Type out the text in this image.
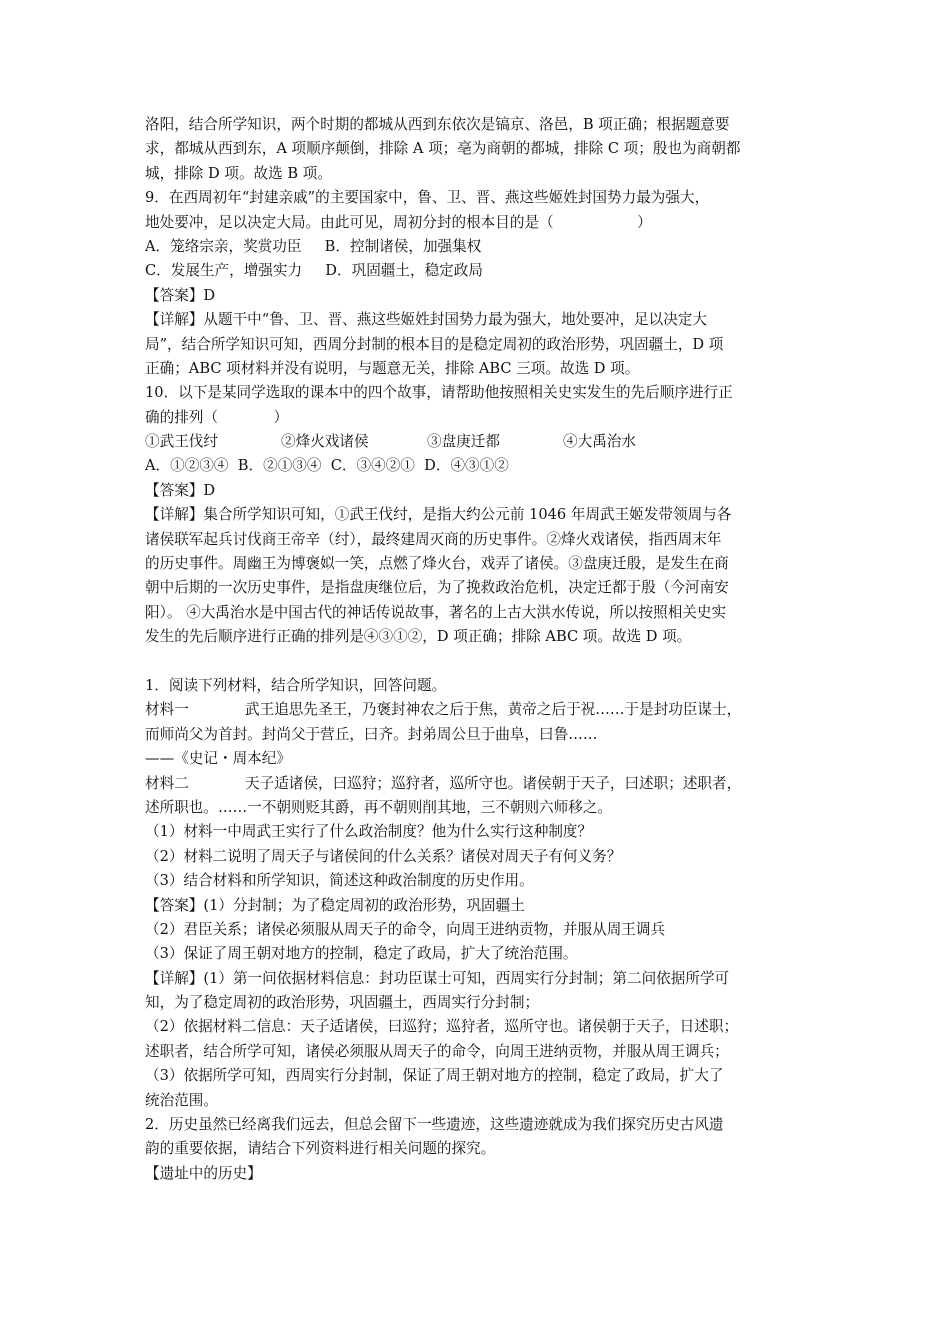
洛阳，结合所学知识，两个时期的都城从西到东依次是镐京、洛邑，B 项正确；根据题意要
求，都城从西到东，A 项顺序颠倒，排除 A 项；亳为商朝的都城，排除 C 项；殷也为商朝都
城，排除 D 项。故选 B 项。
9．在西周初年“封建亲戚”的主要国家中，鲁、卫、晋、燕这些姬姓封国势力最为强大，
地处要冲，足以决定大局。由此可见，周初分封的根本目的是（                  ）
A．笼络宗亲，奖赏功臣     B．控制诸侯，加强集权
C．发展生产，增强实力     D．巩固疆土，稳定政局
【答案】D
【详解】从题干中“鲁、卫、晋、燕这些姬姓封国势力最为强大，地处要冲，足以决定大
局”，结合所学知识可知，西周分封制的根本目的是稳定周初的政治形势，巩固疆土，D 项
正确；ABC 项材料并没有说明，与题意无关，排除 ABC 三项。故选 D 项。
10．以下是某同学选取的课本中的四个故事，请帮助他按照相关史实发生的先后顺序进行正
确的排列（            ）
①武王伐纣	②烽火戏诸侯	③盘庚迁都	④大禹治水
A．①②③④  B．②①③④  C．③④②①  D．④③①②
【答案】D
【详解】集合所学知识可知，①武王伐纣，是指大约公元前 1046 年周武王姬发带领周与各
诸侯联军起兵讨伐商王帝辛（纣），最终建周灭商的历史事件。②烽火戏诸侯，指西周末年
的历史事件。周幽王为博褒姒一笑，点燃了烽火台，戏弄了诸侯。③盘庚迁殷，是发生在商
朝中后期的一次历史事件，是指盘庚继位后，为了挽救政治危机，决定迁都于殷（今河南安
阳）。 ④大禹治水是中国古代的神话传说故事，著名的上古大洪水传说，所以按照相关史实
发生的先后顺序进行正确的排列是④③①②，D 项正确；排除 ABC 项。故选 D 项。
1．阅读下列材料，结合所学知识，回答问题。
材料一	武王追思先圣王，乃褒封神农之后于焦，黄帝之后于祝……于是封功臣谋士，
而师尚父为首封。封尚父于营丘，曰齐。封弟周公旦于曲阜，曰鲁……
——《史记・周本纪》
材料二	天子适诸侯，曰巡狩；巡狩者，巡所守也。诸侯朝于天子，曰述职；述职者，
述所职也。……一不朝则贬其爵，再不朝则削其地，三不朝则六师移之。
（1）材料一中周武王实行了什么政治制度？他为什么实行这种制度？
（2）材料二说明了周天子与诸侯间的什么关系？诸侯对周天子有何义务？
（3）结合材料和所学知识，简述这种政治制度的历史作用。
【答案】(1）分封制；为了稳定周初的政治形势，巩固疆土
（2）君臣关系；诸侯必须服从周天子的命令，向周王进纳贡物，并服从周王调兵
（3）保证了周王朝对地方的控制，稳定了政局，扩大了统治范围。
【详解】(1）第一问依据材料信息：封功臣谋士可知，西周实行分封制；第二问依据所学可
知，为了稳定周初的政治形势，巩固疆土，西周实行分封制；
（2）依据材料二信息：天子适诸侯，曰巡狩；巡狩者，巡所守也。诸侯朝于天子，日述职；
述职者，结合所学可知，诸侯必须服从周天子的命令，向周王进纳贡物，并服从周王调兵；
（3）依据所学可知，西周实行分封制，保证了周王朝对地方的控制，稳定了政局，扩大了
统治范围。
2．历史虽然已经离我们远去，但总会留下一些遗迹，这些遗迹就成为我们探究历史古风遗
韵的重要依据，请结合下列资料进行相关问题的探究。
【遗址中的历史】
